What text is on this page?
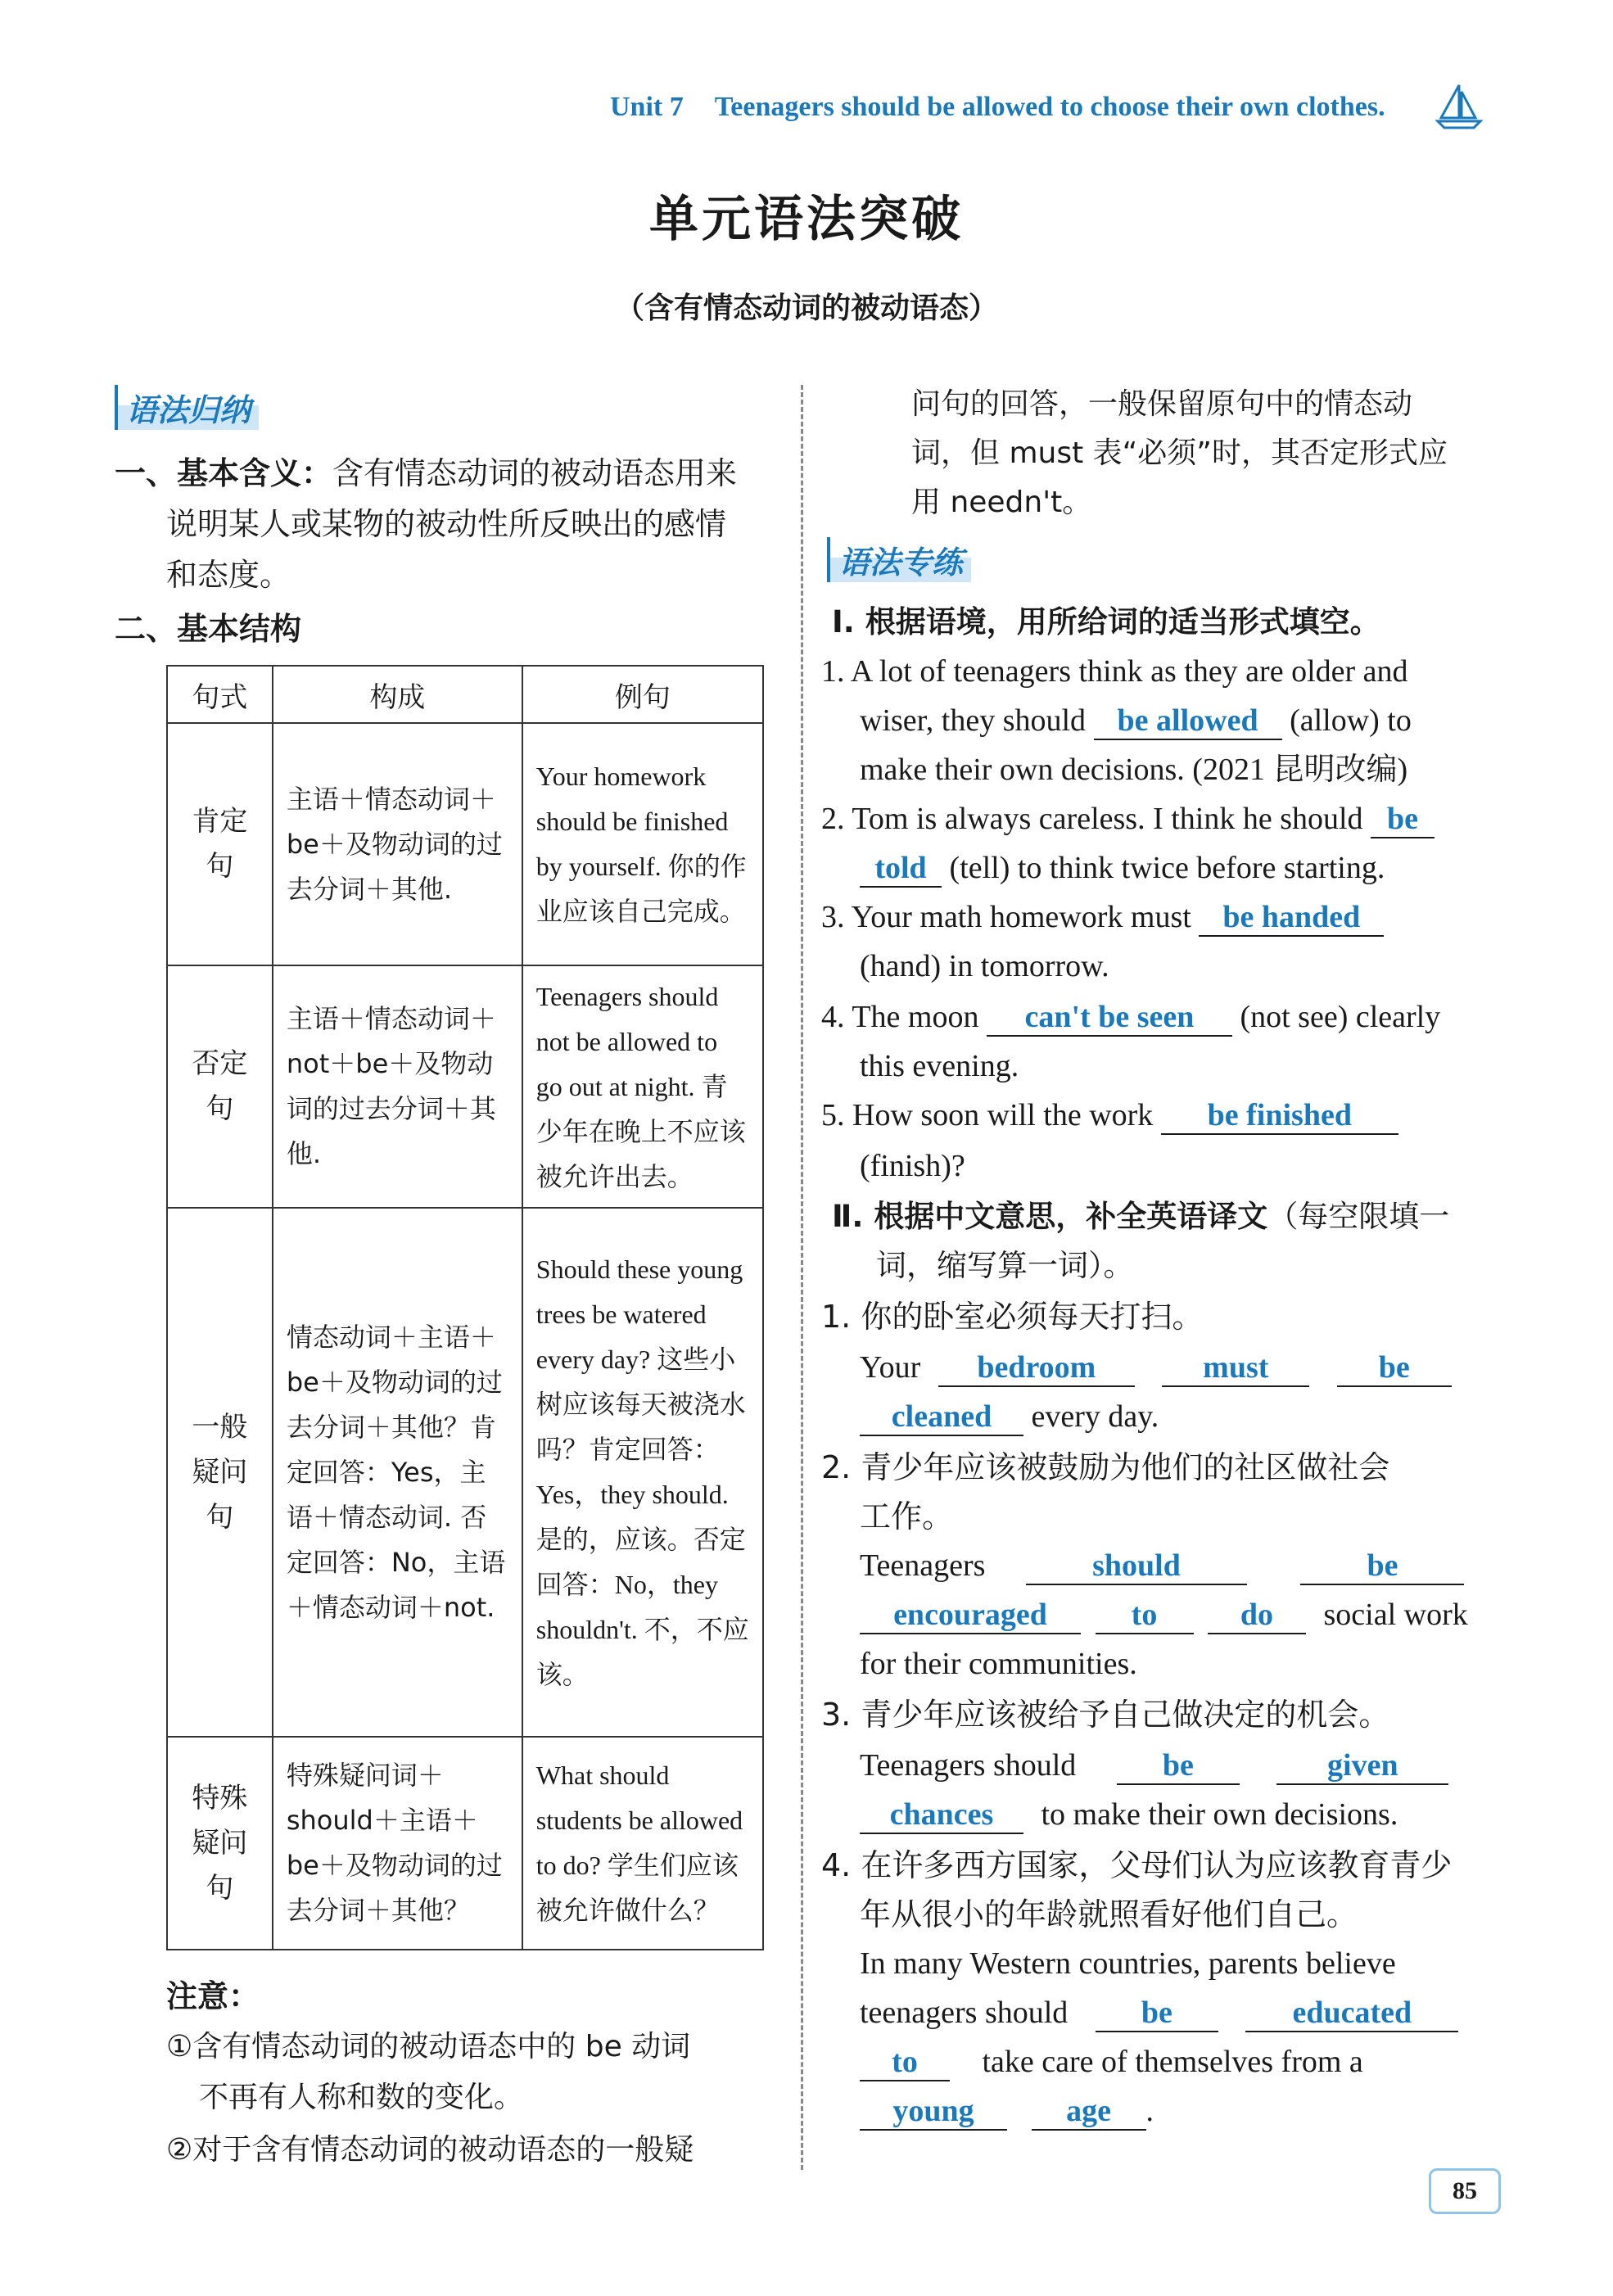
Unit 7 Teenagers should be allowed to choose their own clothes.
单元语法突破
（含有情态动词的被动语态）
语法归纳
一、基本含义：含有情态动词的被动语态用来
说明某人或某物的被动性所反映出的感情
和态度。
二、基本结构
句式	构成	例句
肯定句	主语＋情态动词＋be＋及物动词的过去分词＋其他.	Your homework should be finished by yourself. 你的作业应该自己完成。
否定句	主语＋情态动词＋not＋be＋及物动词的过去分词＋其他.	Teenagers should not be allowed to go out at night. 青少年在晚上不应该被允许出去。
一般疑问句	情态动词＋主语＋be＋及物动词的过去分词＋其他？肯定回答：Yes，主语＋情态动词. 否定回答：No，主语＋情态动词＋not.	Should these young trees be watered every day? 这些小树应该每天被浇水吗？肯定回答：Yes，they should. 是的，应该。否定回答：No，they shouldn't. 不，不应该。
特殊疑问句	特殊疑问词＋should＋主语＋be＋及物动词的过去分词＋其他？	What should students be allowed to do? 学生们应该被允许做什么？
注意：
①含有情态动词的被动语态中的 be 动词
不再有人称和数的变化。
②对于含有情态动词的被动语态的一般疑
问句的回答，一般保留原句中的情态动
词，但 must 表“必须”时，其否定形式应
用 needn't。
语法专练
Ⅰ. 根据语境，用所给词的适当形式填空。
1. A lot of teenagers think as they are older and
wiser, they should be allowed (allow) to
make their own decisions. (2021 昆明改编)
2. Tom is always careless. I think he should be
told (tell) to think twice before starting.
3. Your math homework must be handed
(hand) in tomorrow.
4. The moon can't be seen (not see) clearly
this evening.
5. How soon will the work be finished
(finish)?
Ⅱ. 根据中文意思，补全英语译文（每空限填一
词，缩写算一词）。
1. 你的卧室必须每天打扫。
Your bedroom	must	be
cleaned every day.
2. 青少年应该被鼓励为他们的社区做社会
工作。
Teenagers	should	be
encouraged	to	do social work
for their communities.
3. 青少年应该被给予自己做决定的机会。
Teenagers should	be	given
chances to make their own decisions.
4. 在许多西方国家，父母们认为应该教育青少
年从很小的年龄就照看好他们自己。
In many Western countries, parents believe
teenagers should be	educated
to take care of themselves from a
young	age .
85
